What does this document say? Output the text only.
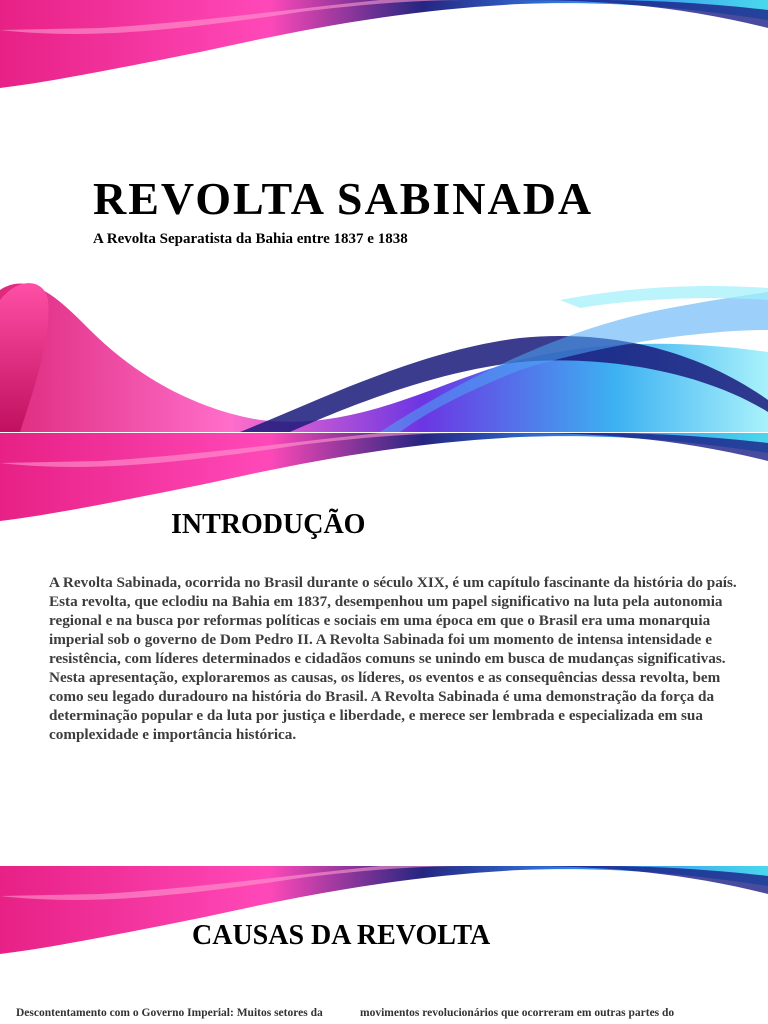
REVOLTA SABINADA

A Revolta Separatista da Bahia entre 1837 e 1838

INTRODUÇÃO

A Revolta Sabinada, ocorrida no Brasil durante o século XIX, é um capítulo fascinante da história do país. Esta revolta, que eclodiu na Bahia em 1837, desempenhou um papel significativo na luta pela autonomia regional e na busca por reformas políticas e sociais em uma época em que o Brasil era uma monarquia imperial sob o governo de Dom Pedro II. A Revolta Sabinada foi um momento de intensa intensidade e resistência, com líderes determinados e cidadãos comuns se unindo em busca de mudanças significativas. Nesta apresentação, exploraremos as causas, os líderes, os eventos e as consequências dessa revolta, bem como seu legado duradouro na história do Brasil. A Revolta Sabinada é uma demonstração da força da determinação popular e da luta por justiça e liberdade, e merece ser lembrada e especializada em sua complexidade e importância histórica.

CAUSAS DA REVOLTA

Descontentamento com o Governo Imperial: Muitos setores da	movimentos revolucionários que ocorreram em outras partes do
